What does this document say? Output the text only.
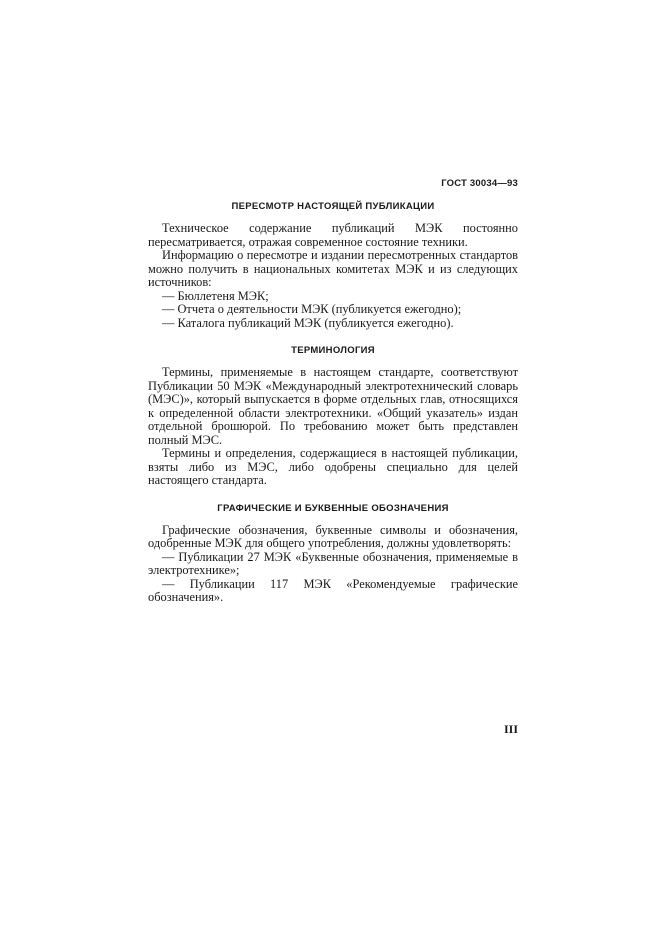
ГОСТ 30034—93
ПЕРЕСМОТР НАСТОЯЩЕЙ ПУБЛИКАЦИИ

Техническое содержание публикаций МЭК постоянно пересматривается, отражая современное состояние техники.

Информацию о пересмотре и издании пересмотренных стандартов можно получить в национальных комитетах МЭК и из следующих источников:

— Бюллетеня МЭК;
— Отчета о деятельности МЭК (публикуется ежегодно);
— Каталога публикаций МЭК (публикуется ежегодно).
ТЕРМИНОЛОГИЯ

Термины, применяемые в настоящем стандарте, соответствуют Публикации 50 МЭК «Международный электротехнический словарь (МЭС)», который выпускается в форме отдельных глав, относящихся к определенной области электротехники. «Общий указатель» издан отдельной брошюрой. По требованию может быть представлен полный МЭС.

Термины и определения, содержащиеся в настоящей публикации, взяты либо из МЭС, либо одобрены специально для целей настоящего стандарта.

ГРАФИЧЕСКИЕ И БУКВЕННЫЕ ОБОЗНАЧЕНИЯ

Графические обозначения, буквенные символы и обозначения, одобренные МЭК для общего употребления, должны удовлетворять:

— Публикации 27 МЭК «Буквенные обозначения, применяемые в электротехнике»;

— Публикации 117 МЭК «Рекомендуемые графические обозначения».

III
